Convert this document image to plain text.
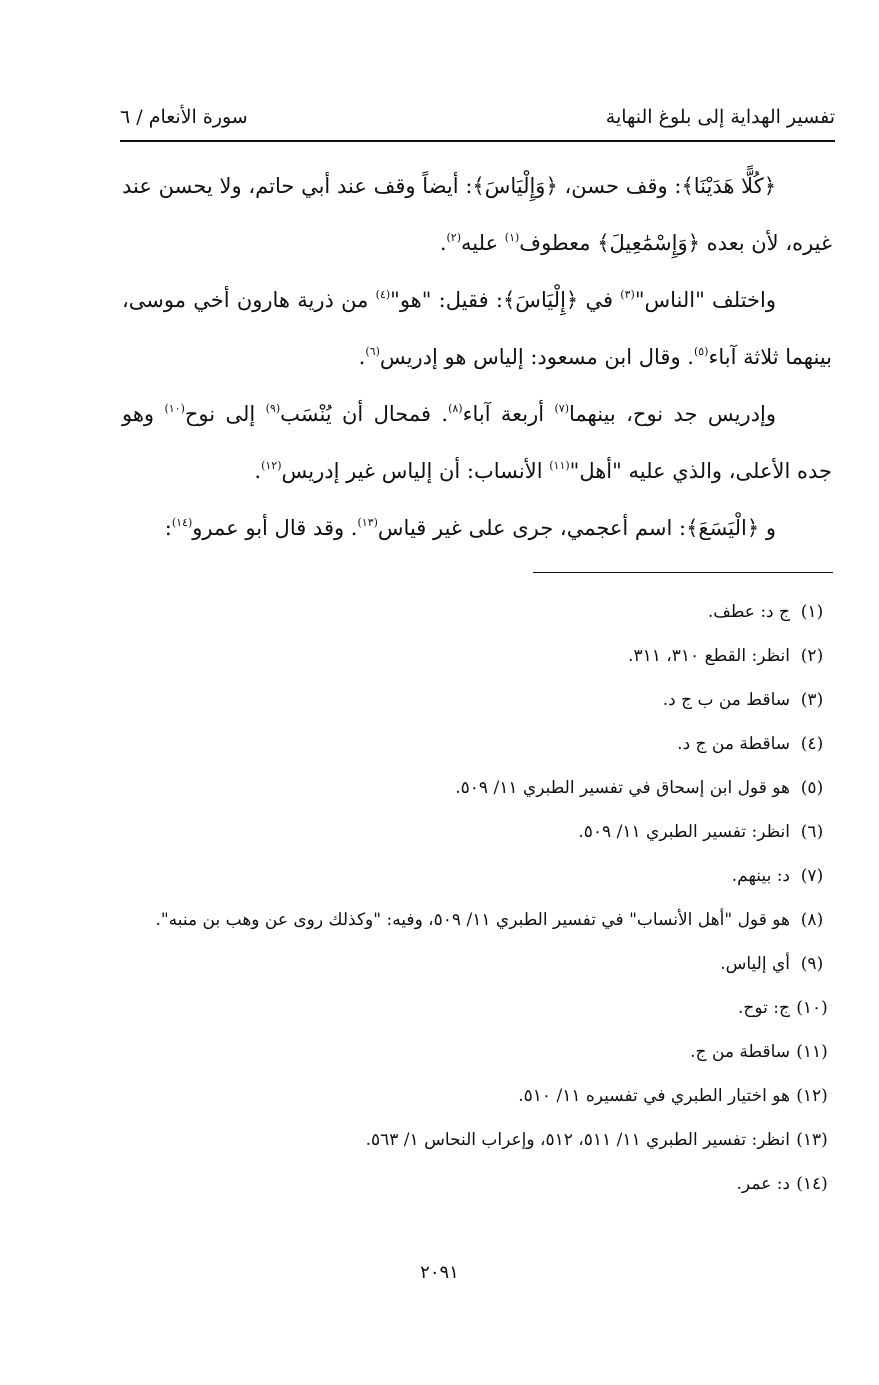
تفسير الهداية إلى بلوغ النهاية
سورة الأنعام / ٦

﴿كُلًّا هَدَيْنَا﴾: وقف حسن، ﴿وَإِلْيَاسَ﴾: أيضاً وقف عند أبي حاتم، ولا يحسن عند غيره، لأن بعده ﴿وَإِسْمَٰعِيلَ﴾ معطوف$^{(١)}$ عليه$^{(٢)}$.

واختلف "الناس"$^{(٣)}$ في ﴿إِلْيَاسَ﴾: فقيل: "هو"$^{(٤)}$ من ذرية هارون أخي موسى، بينهما ثلاثة آباء$^{(٥)}$. وقال ابن مسعود: إلياس هو إدريس$^{(٦)}$.

وإدريس جد نوح، بينهما$^{(٧)}$ أربعة آباء$^{(٨)}$. فمحال أن يُنْسَب$^{(٩)}$ إلى نوح$^{(١٠)}$ وهو جده الأعلى، والذي عليه "أهل"$^{(١١)}$ الأنساب: أن إلياس غير إدريس$^{(١٢)}$.

و ﴿الْيَسَعَ﴾: اسم أعجمي، جرى على غير قياس$^{(١٣)}$. وقد قال أبو عمرو$^{(١٤)}$:

(١)
ج د: عطف.
(٢)
انظر: القطع ٣١٠، ٣١١.
(٣)
ساقط من ب ج د.
(٤)
ساقطة من ج د.
(٥)
هو قول ابن إسحاق في تفسير الطبري ١١/ ٥٠٩.
(٦)
انظر: تفسير الطبري ١١/ ٥٠٩.
(٧)
د: بينهم.
(٨)
هو قول "أهل الأنساب" في تفسير الطبري ١١/ ٥٠٩، وفيه: "وكذلك روى عن وهب بن منبه".
(٩)
أي إلياس.
(١٠)
ج: توح.
(١١)
ساقطة من ج.
(١٢)
هو اختيار الطبري في تفسيره ١١/ ٥١٠.
(١٣)
انظر: تفسير الطبري ١١/ ٥١١، ٥١٢، وإعراب النحاس ١/ ٥٦٣.
(١٤)
د: عمر.
٢٠٩١
